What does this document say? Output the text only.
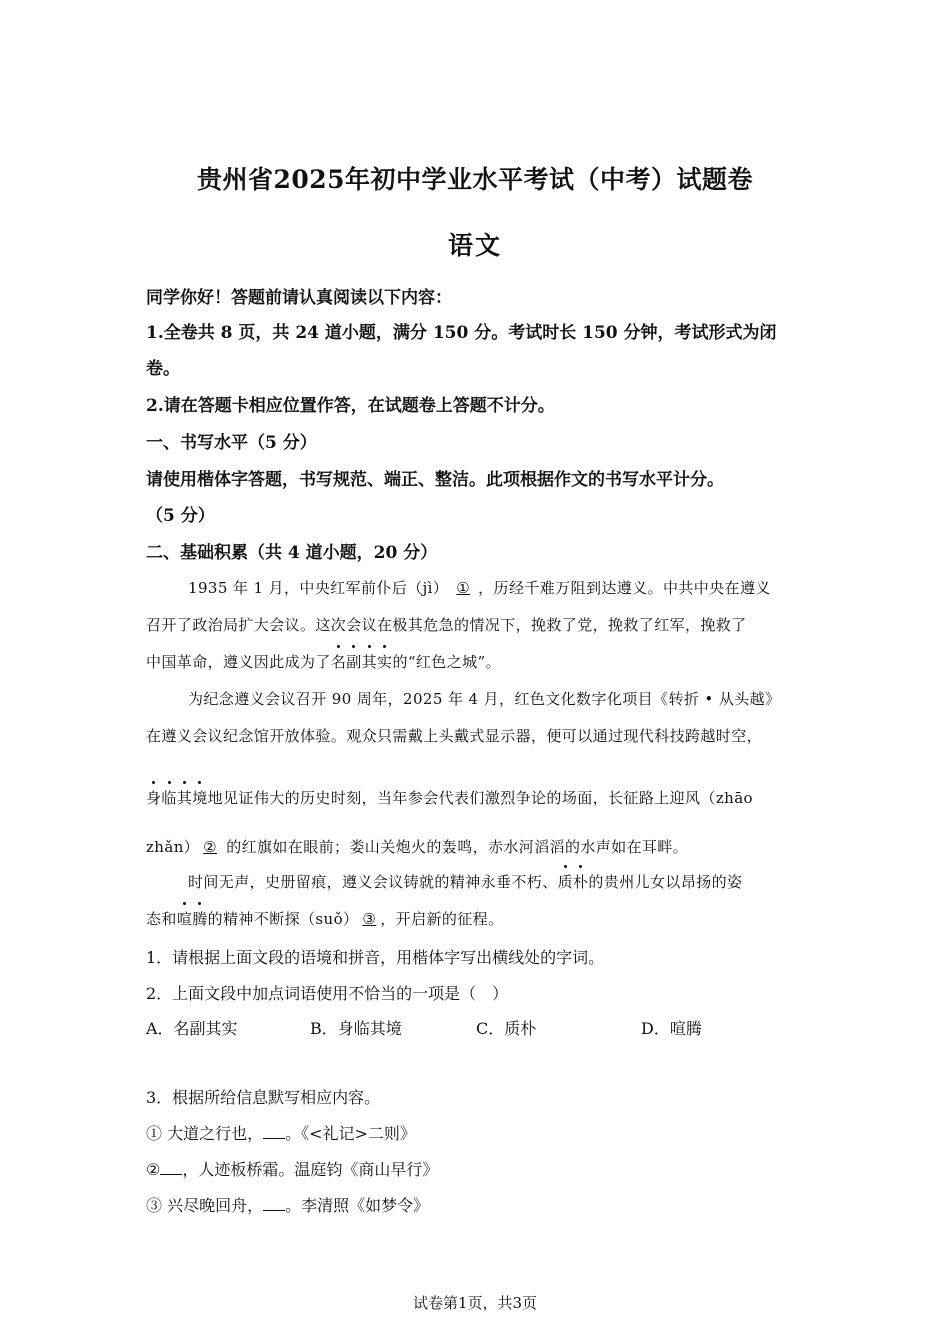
贵州省2025年初中学业水平考试（中考）试题卷
语文
同学你好！答题前请认真阅读以下内容：
1.全卷共 8 页，共 24 道小题，满分 150 分。考试时长 150 分钟，考试形式为闭
卷。
2.请在答题卡相应位置作答，在试题卷上答题不计分。
一、书写水平（5 分）
请使用楷体字答题，书写规范、端正、整洁。此项根据作文的书写水平计分。
（5 分）
二、基础积累（共 4 道小题，20 分）
1935 年 1 月，中央红军前仆后（jì） ① ，历经千难万阻到达遵义。中共中央在遵义
召开了政治局扩大会议。这次会议在极其危急的情况下，挽救了党，挽救了红军，挽救了
中国革命，遵义因此成为了名副其实的“红色之城”。
为纪念遵义会议召开 90 周年，2025 年 4 月，红色文化数字化项目《转折 • 从头越》
在遵义会议纪念馆开放体验。观众只需戴上头戴式显示器，便可以通过现代科技跨越时空，
身临其境地见证伟大的历史时刻，当年参会代表们激烈争论的场面，长征路上迎风（zhāo
zhǎn） ② 的红旗如在眼前；娄山关炮火的轰鸣，赤水河滔滔的水声如在耳畔。
时间无声，史册留痕，遵义会议铸就的精神永垂不朽、质朴的贵州儿女以昂扬的姿
态和喧腾的精神不断探（suǒ） ③ ，开启新的征程。
1．请根据上面文段的语境和拼音，用楷体字写出横线处的字词。
2．上面文段中加点词语使用不恰当的一项是（　）
A．名副其实	B．身临其境	C．质朴	D．喧腾
3．根据所给信息默写相应内容。
① 大道之行也， 。《<礼记>二则》
② ，人迹板桥霜。温庭钧《商山早行》
③ 兴尽晚回舟， 。李清照《如梦令》
试卷第1页，共3页
